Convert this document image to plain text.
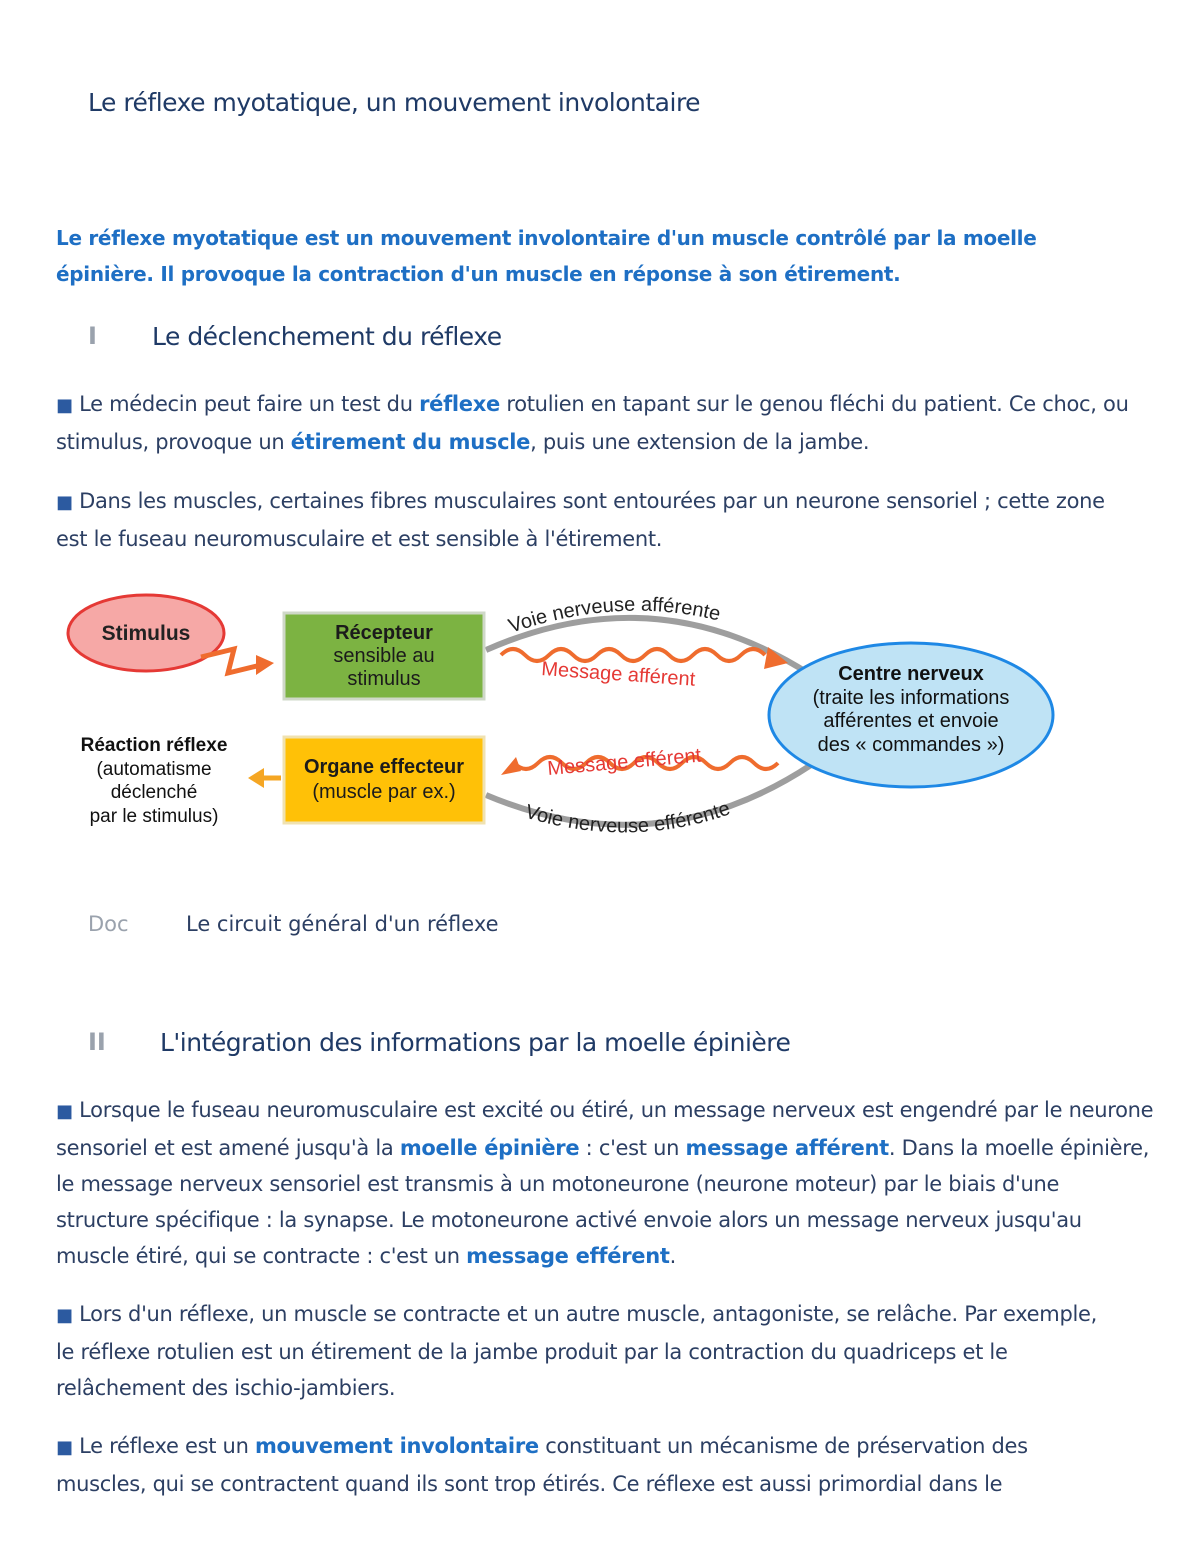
Le réflexe myotatique, un mouvement involontaire
Le réflexe myotatique est un mouvement involontaire d'un muscle contrôlé par la moelle épinière. Il provoque la contraction d'un muscle en réponse à son étirement.
I Le déclenchement du réflexe
■ Le médecin peut faire un test du réflexe rotulien en tapant sur le genou fléchi du patient. Ce choc, ou stimulus, provoque un étirement du muscle, puis une extension de la jambe.
■ Dans les muscles, certaines fibres musculaires sont entourées par un neurone sensoriel ; cette zone est le fuseau neuromusculaire et est sensible à l'étirement.
Stimulus	Récepteur
sensible au
stimulus
Voie nerveuse afférente
Message afférent	Centre nerveux
(traite les informations
afférentes et envoie
des « commandes »)
Message efférent
Voie nerveuse efférente
Organe effecteur
(muscle par ex.)
Réaction réflexe
(automatisme
déclenché
par le stimulus)
Doc	Le circuit général d'un réflexe
II L'intégration des informations par la moelle épinière
■ Lorsque le fuseau neuromusculaire est excité ou étiré, un message nerveux est engendré par le neurone sensoriel et est amené jusqu'à la moelle épinière : c'est un message afférent. Dans la moelle épinière, le message nerveux sensoriel est transmis à un motoneurone (neurone moteur) par le biais d'une structure spécifique : la synapse. Le motoneurone activé envoie alors un message nerveux jusqu'au muscle étiré, qui se contracte : c'est un message efférent.
■ Lors d'un réflexe, un muscle se contracte et un autre muscle, antagoniste, se relâche. Par exemple, le réflexe rotulien est un étirement de la jambe produit par la contraction du quadriceps et le relâchement des ischio-jambiers.
■ Le réflexe est un mouvement involontaire constituant un mécanisme de préservation des muscles, qui se contractent quand ils sont trop étirés. Ce réflexe est aussi primordial dans le
